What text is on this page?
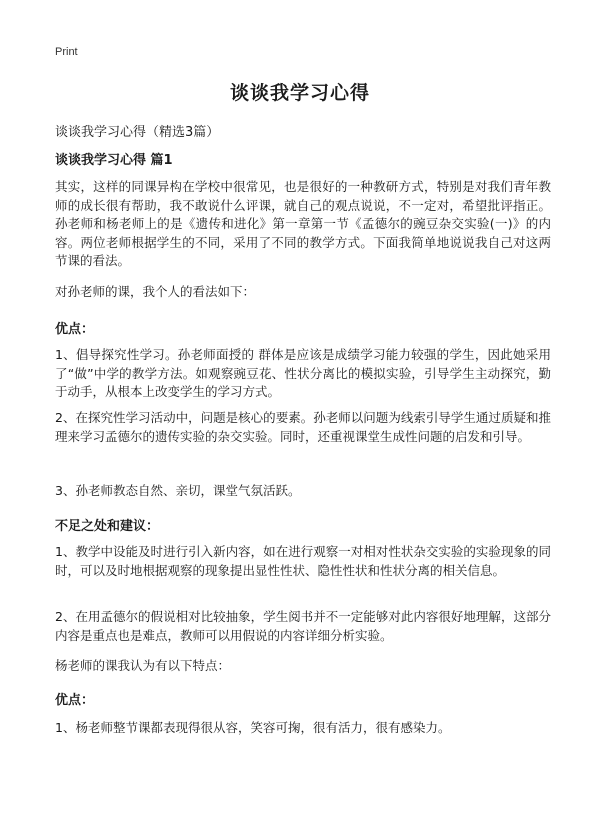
Print
谈谈我学习心得
谈谈我学习心得（精选3篇）
谈谈我学习心得 篇1

其实，这样的同课异构在学校中很常见，也是很好的一种教研方式，特别是对我们青年教师的成长很有帮助，我不敢说什么评课，就自己的观点说说，不一定对，希望批评指正。孙老师和杨老师上的是《遗传和进化》第一章第一节《孟德尔的豌豆杂交实验(一)》的内容。两位老师根据学生的不同，采用了不同的教学方式。下面我简单地说说我自己对这两节课的看法。

对孙老师的课，我个人的看法如下：

优点：

1、倡导探究性学习。孙老师面授的 群体是应该是成绩学习能力较强的学生，因此她采用了“做”中学的教学方法。如观察豌豆花、性状分离比的模拟实验，引导学生主动探究，勤于动手，从根本上改变学生的学习方式。

2、在探究性学习活动中，问题是核心的要素。孙老师以问题为线索引导学生通过质疑和推理来学习孟德尔的遗传实验的杂交实验。同时，还重视课堂生成性问题的启发和引导。

3、孙老师教态自然、亲切，课堂气氛活跃。

不足之处和建议：

1、教学中设能及时进行引入新内容，如在进行观察一对相对性状杂交实验的实验现象的同时，可以及时地根据观察的现象提出显性性状、隐性性状和性状分离的相关信息。

2、在用孟德尔的假说相对比较抽象，学生阅书并不一定能够对此内容很好地理解，这部分内容是重点也是难点，教师可以用假说的内容详细分析实验。

杨老师的课我认为有以下特点：

优点：

1、杨老师整节课都表现得很从容，笑容可掬，很有活力，很有感染力。
